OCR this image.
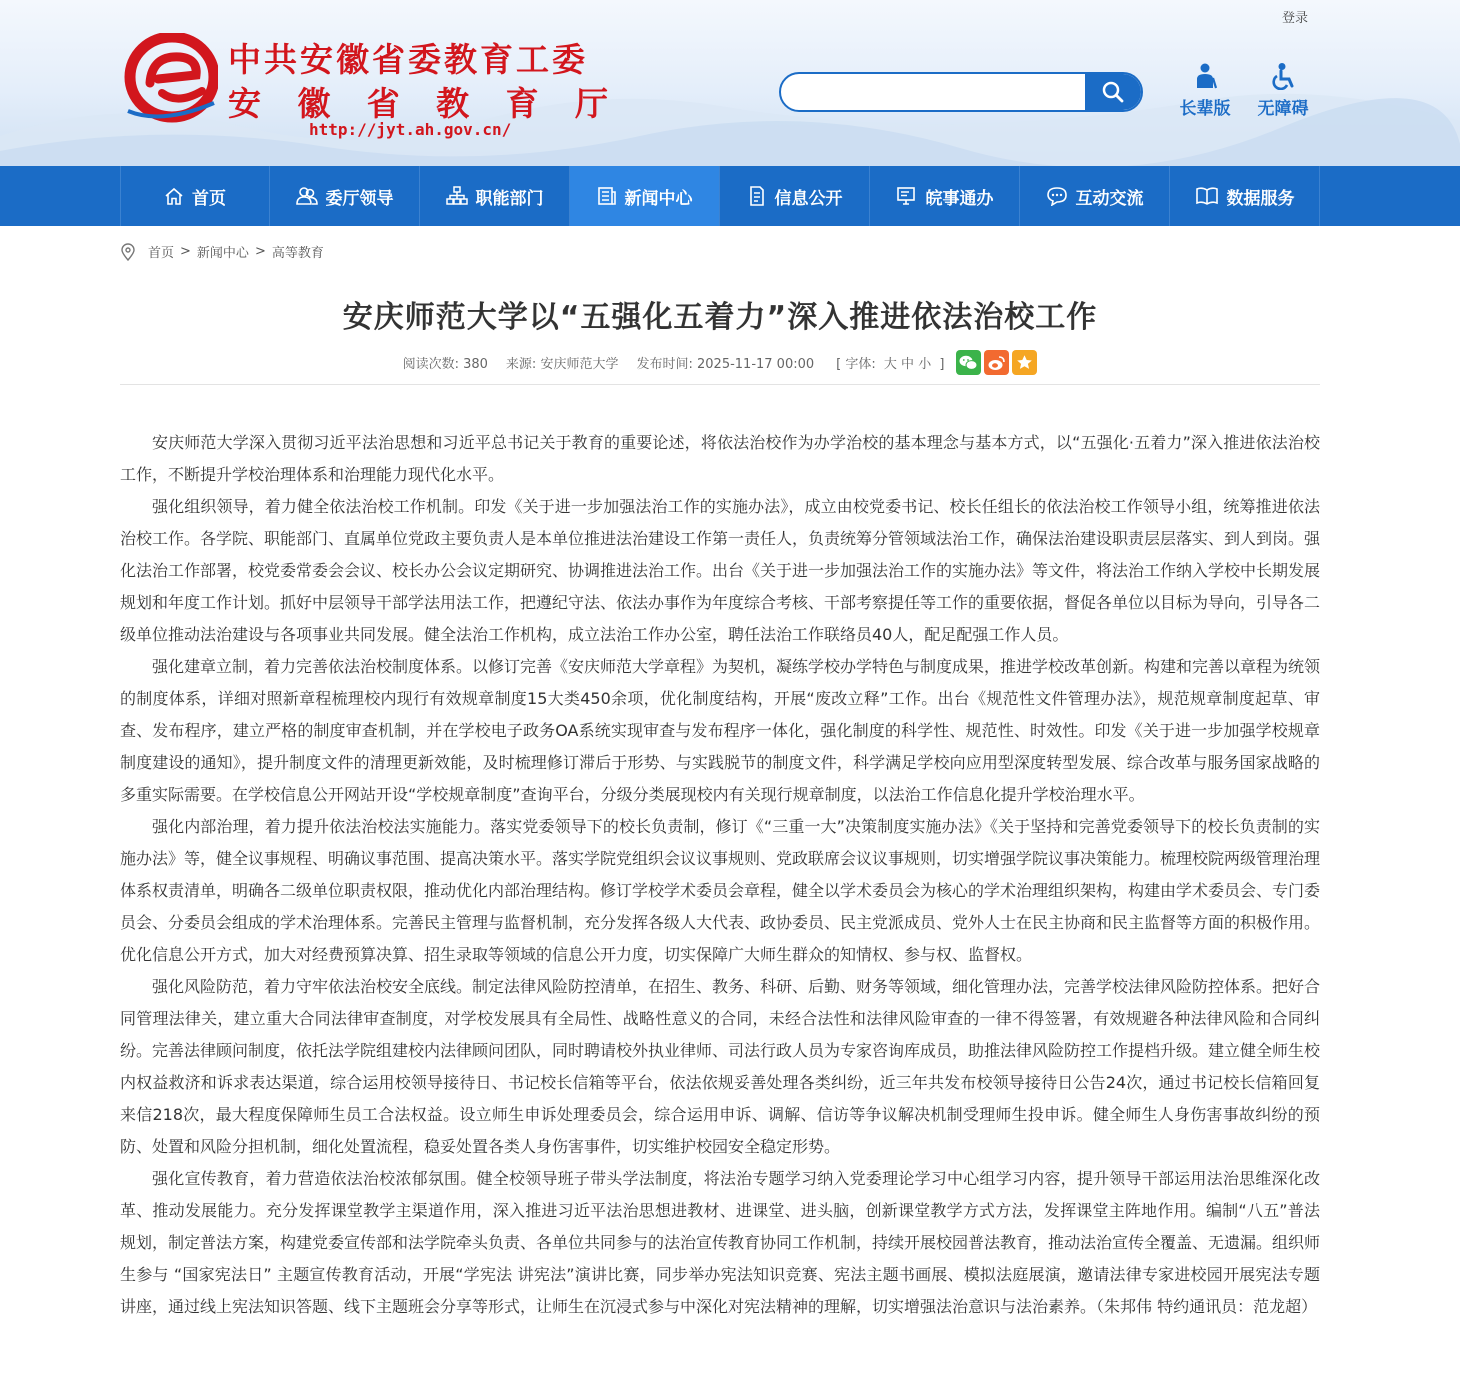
登录
中共安徽省委教育工委
安 徽 省 教 育 厅
http://jyt.ah.gov.cn/
长辈版	无障碍
首页	委厅领导	职能部门	新闻中心	信息公开	皖事通办	互动交流	数据服务
首页 > 新闻中心 > 高等教育
安庆师范大学以“五强化五着力”深入推进依法治校工作
阅读次数: 380 来源: 安庆师范大学 发布时间: 2025-11-17 00:00	[ 字体: 大 中 小 ]

安庆师范大学深入贯彻习近平法治思想和习近平总书记关于教育的重要论述，将依法治校作为办学治校的基本理念与基本方式，以“五强化·五着力”深入推进依法治校工作，不断提升学校治理体系和治理能力现代化水平。

强化组织领导，着力健全依法治校工作机制。印发《关于进一步加强法治工作的实施办法》，成立由校党委书记、校长任组长的依法治校工作领导小组，统筹推进依法治校工作。各学院、职能部门、直属单位党政主要负责人是本单位推进法治建设工作第一责任人，负责统筹分管领域法治工作，确保法治建设职责层层落实、到人到岗。强化法治工作部署，校党委常委会会议、校长办公会议定期研究、协调推进法治工作。出台《关于进一步加强法治工作的实施办法》等文件，将法治工作纳入学校中长期发展规划和年度工作计划。抓好中层领导干部学法用法工作，把遵纪守法、依法办事作为年度综合考核、干部考察提任等工作的重要依据，督促各单位以目标为导向，引导各二级单位推动法治建设与各项事业共同发展。健全法治工作机构，成立法治工作办公室，聘任法治工作联络员40人，配足配强工作人员。

强化建章立制，着力完善依法治校制度体系。以修订完善《安庆师范大学章程》为契机，凝练学校办学特色与制度成果，推进学校改革创新。构建和完善以章程为统领的制度体系，详细对照新章程梳理校内现行有效规章制度15大类450余项，优化制度结构，开展“废改立释”工作。出台《规范性文件管理办法》，规范规章制度起草、审查、发布程序，建立严格的制度审查机制，并在学校电子政务OA系统实现审查与发布程序一体化，强化制度的科学性、规范性、时效性。印发《关于进一步加强学校规章制度建设的通知》，提升制度文件的清理更新效能，及时梳理修订滞后于形势、与实践脱节的制度文件，科学满足学校向应用型深度转型发展、综合改革与服务国家战略的多重实际需要。在学校信息公开网站开设“学校规章制度”查询平台，分级分类展现校内有关现行规章制度，以法治工作信息化提升学校治理水平。

强化内部治理，着力提升依法治校法实施能力。落实党委领导下的校长负责制，修订《“三重一大”决策制度实施办法》《关于坚持和完善党委领导下的校长负责制的实施办法》等，健全议事规程、明确议事范围、提高决策水平。落实学院党组织会议议事规则、党政联席会议议事规则，切实增强学院议事决策能力。梳理校院两级管理治理体系权责清单，明确各二级单位职责权限，推动优化内部治理结构。修订学校学术委员会章程，健全以学术委员会为核心的学术治理组织架构，构建由学术委员会、专门委员会、分委员会组成的学术治理体系。完善民主管理与监督机制，充分发挥各级人大代表、政协委员、民主党派成员、党外人士在民主协商和民主监督等方面的积极作用。优化信息公开方式，加大对经费预算决算、招生录取等领域的信息公开力度，切实保障广大师生群众的知情权、参与权、监督权。

强化风险防范，着力守牢依法治校安全底线。制定法律风险防控清单，在招生、教务、科研、后勤、财务等领域，细化管理办法，完善学校法律风险防控体系。把好合同管理法律关，建立重大合同法律审查制度，对学校发展具有全局性、战略性意义的合同，未经合法性和法律风险审查的一律不得签署，有效规避各种法律风险和合同纠纷。完善法律顾问制度，依托法学院组建校内法律顾问团队，同时聘请校外执业律师、司法行政人员为专家咨询库成员，助推法律风险防控工作提档升级。建立健全师生校内权益救济和诉求表达渠道，综合运用校领导接待日、书记校长信箱等平台，依法依规妥善处理各类纠纷，近三年共发布校领导接待日公告24次，通过书记校长信箱回复来信218次，最大程度保障师生员工合法权益。设立师生申诉处理委员会，综合运用申诉、调解、信访等争议解决机制受理师生投申诉。健全师生人身伤害事故纠纷的预防、处置和风险分担机制，细化处置流程，稳妥处置各类人身伤害事件，切实维护校园安全稳定形势。

强化宣传教育，着力营造依法治校浓郁氛围。健全校领导班子带头学法制度，将法治专题学习纳入党委理论学习中心组学习内容，提升领导干部运用法治思维深化改革、推动发展能力。充分发挥课堂教学主渠道作用，深入推进习近平法治思想进教材、进课堂、进头脑，创新课堂教学方式方法，发挥课堂主阵地作用。编制“八五”普法规划，制定普法方案，构建党委宣传部和法学院牵头负责、各单位共同参与的法治宣传教育协同工作机制，持续开展校园普法教育，推动法治宣传全覆盖、无遗漏。组织师生参与 “国家宪法日” 主题宣传教育活动，开展“学宪法 讲宪法”演讲比赛，同步举办宪法知识竞赛、宪法主题书画展、模拟法庭展演，邀请法律专家进校园开展宪法专题讲座，通过线上宪法知识答题、线下主题班会分享等形式，让师生在沉浸式参与中深化对宪法精神的理解，切实增强法治意识与法治素养。（朱邦伟 特约通讯员：范龙超）
